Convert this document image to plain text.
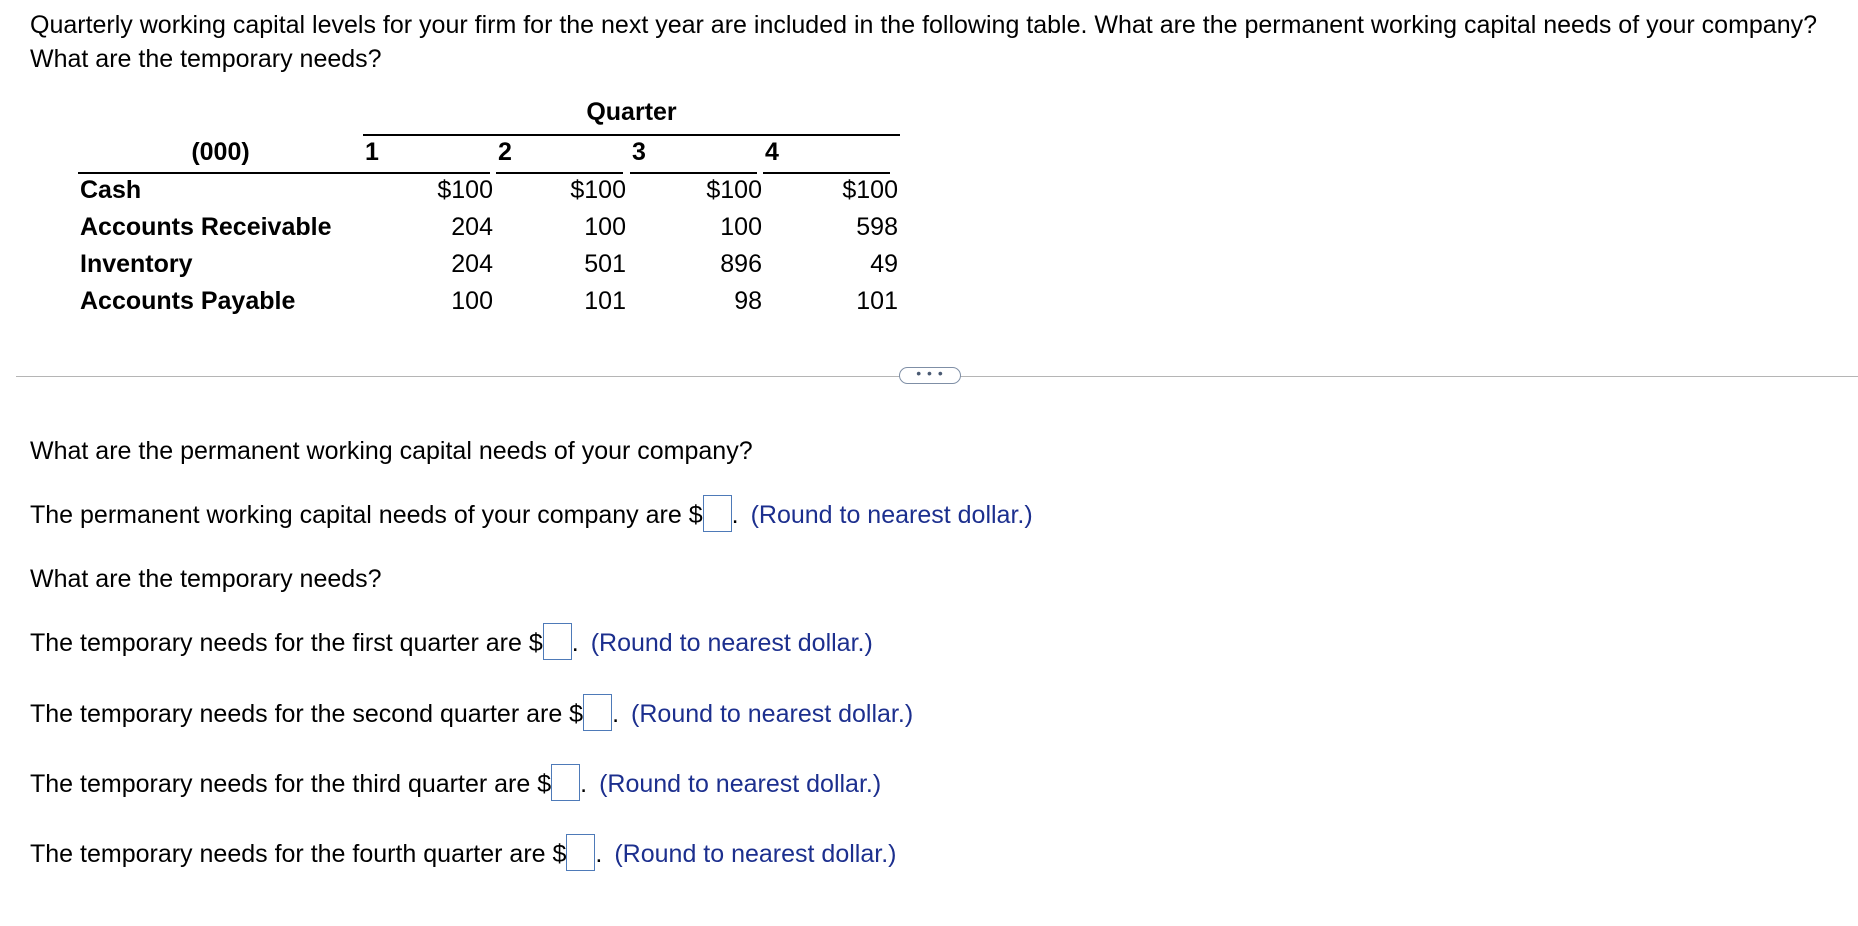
Quarterly working capital levels for your firm for the next year are included in the following table. What are the permanent working capital needs of your company? What are the temporary needs?

Quarter
(000)	1	2	3	4
Cash	$100	$100	$100	$100
Accounts Receivable	204	100	100	598
Inventory	204	501	896	49
Accounts Payable	100	101	98	101
• • •
What are the permanent working capital needs of your company?
The permanent working capital needs of your company are $ . (Round to nearest dollar.)
What are the temporary needs?
The temporary needs for the first quarter are $ . (Round to nearest dollar.)
The temporary needs for the second quarter are $ . (Round to nearest dollar.)
The temporary needs for the third quarter are $ . (Round to nearest dollar.)
The temporary needs for the fourth quarter are $ . (Round to nearest dollar.)
